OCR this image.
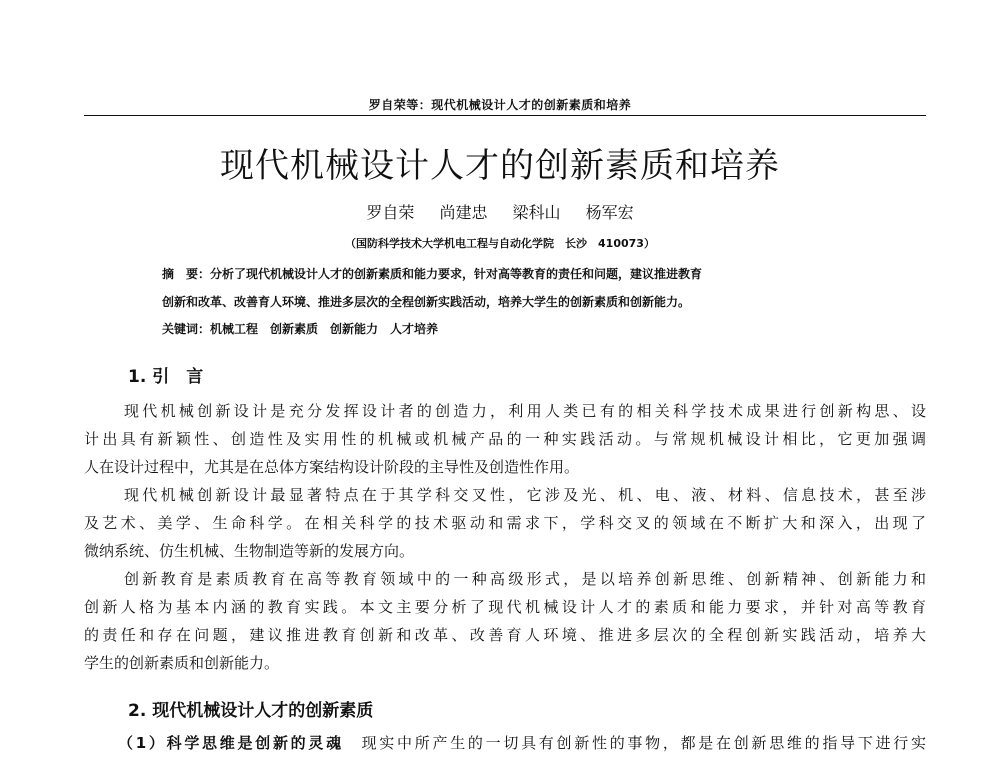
罗自荣等：现代机械设计人才的创新素质和培养
现代机械设计人才的创新素质和培养
罗自荣 尚建忠 梁科山 杨军宏
（国防科学技术大学机电工程与自动化学院　长沙　410073）
摘　要：分析了现代机械设计人才的创新素质和能力要求，针对高等教育的责任和问题，建议推进教育
创新和改革、改善育人环境、推进多层次的全程创新实践活动，培养大学生的创新素质和创新能力。
关键词：机械工程　创新素质　创新能力　人才培养
1. 引　言
现代机械创新设计是充分发挥设计者的创造力，利用人类已有的相关科学技术成果进行创新构思、设
计出具有新颖性、创造性及实用性的机械或机械产品的一种实践活动。与常规机械设计相比，它更加强调
人在设计过程中，尤其是在总体方案结构设计阶段的主导性及创造性作用。
现代机械创新设计最显著特点在于其学科交叉性，它涉及光、机、电、液、材料、信息技术，甚至涉
及艺术、美学、生命科学。在相关科学的技术驱动和需求下，学科交叉的领域在不断扩大和深入，出现了
微纳系统、仿生机械、生物制造等新的发展方向。
创新教育是素质教育在高等教育领域中的一种高级形式，是以培养创新思维、创新精神、创新能力和
创新人格为基本内涵的教育实践。本文主要分析了现代机械设计人才的素质和能力要求，并针对高等教育
的责任和存在问题，建议推进教育创新和改革、改善育人环境、推进多层次的全程创新实践活动，培养大
学生的创新素质和创新能力。
2. 现代机械设计人才的创新素质
（1）科学思维是创新的灵魂　 现实中所产生的一切具有创新性的事物，都是在创新思维的指导下进行实
